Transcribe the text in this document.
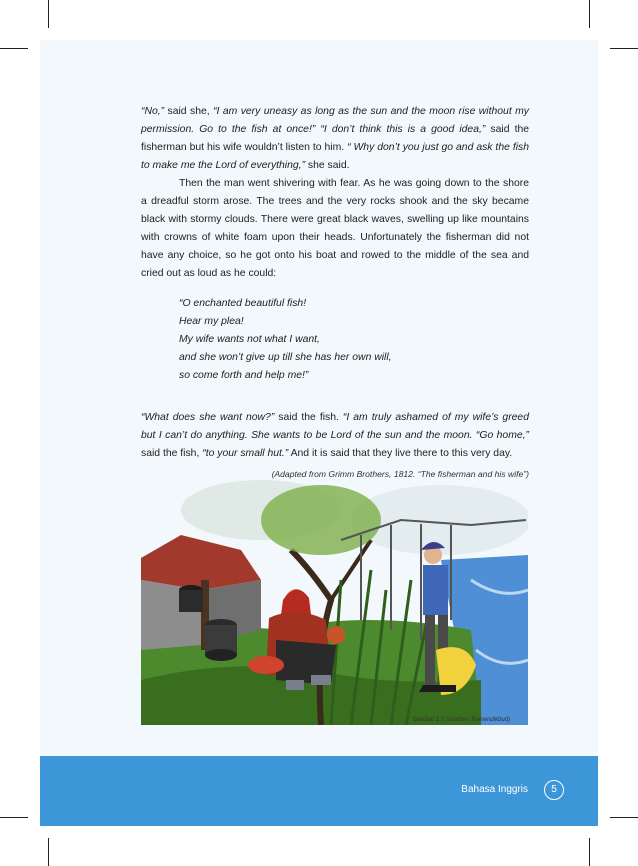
“No,” said she, “I am very uneasy as long as the sun and the moon rise without my permission. Go to the fish at once!” “I don’t think this is a good idea,” said the fisherman but his wife wouldn’t listen to him. “ Why don’t you just go and ask the fish to make me the Lord of everything,” she said.

Then the man went shivering with fear. As he was going down to the shore a dreadful storm arose. The trees and the very rocks shook and the sky became black with stormy clouds. There were great black waves, swelling up like mountains with crowns of white foam upon their heads. Unfortunately the fisherman did not have any choice, so he got onto his boat and rowed to the middle of the sea and cried out as loud as he could:

“O enchanted beautiful fish!
Hear my plea!
My wife wants not what I want,
and she won’t give up till she has her own will,
so come forth and help me!”

“What does she want now?” said the fish. “I am truly ashamed of my wife’s greed but I can’t do anything. She wants to be Lord of the sun and the moon. “Go home,” said the fish, “to your small hut.” And it is said that they live there to this very day.

(Adapted from Grimm Brothers, 1812. “The fisherman and his wife”)
Gambar 1.1 (sumber: Kemendikbud)
Bahasa Inggris	5
